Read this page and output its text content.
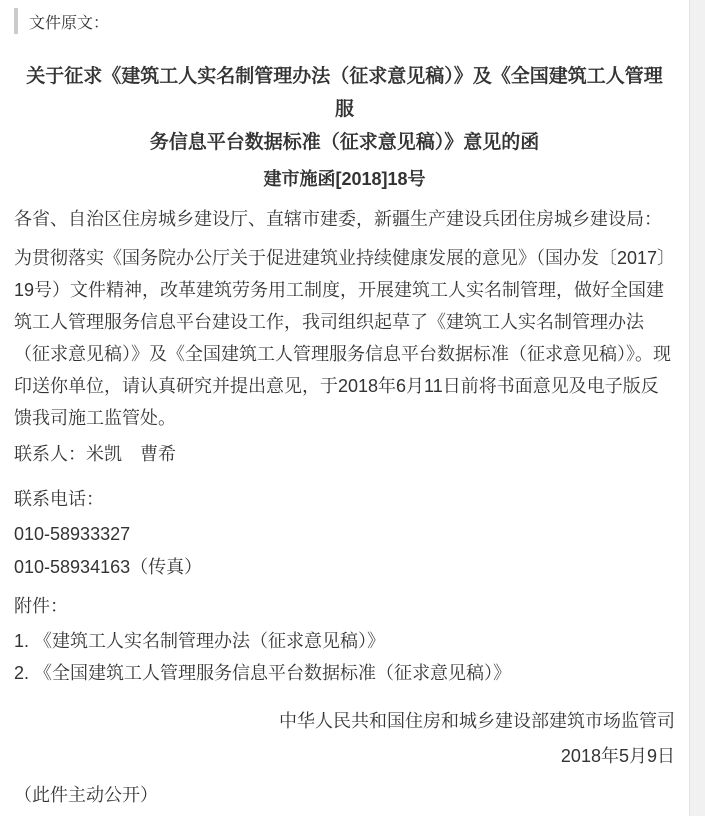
文件原文：
关于征求《建筑工人实名制管理办法（征求意见稿）》及《全国建筑工人管理服
务信息平台数据标准（征求意见稿）》意见的函
建市施函[2018]18号

各省、自治区住房城乡建设厅、直辖市建委，新疆生产建设兵团住房城乡建设局：

为贯彻落实《国务院办公厅关于促进建筑业持续健康发展的意见》（国办发〔2017〕19号）文件精神，改革建筑劳务用工制度，开展建筑工人实名制管理，做好全国建筑工人管理服务信息平台建设工作，我司组织起草了《建筑工人实名制管理办法（征求意见稿）》及《全国建筑工人管理服务信息平台数据标准（征求意见稿）》。现印送你单位，请认真研究并提出意见，于2018年6月11日前将书面意见及电子版反馈我司施工监管处。

联系人：米凯　曹希

联系电话：

010-58933327

010-58934163（传真）

附件：

1. 《建筑工人实名制管理办法（征求意见稿）》

2. 《全国建筑工人管理服务信息平台数据标准（征求意见稿）》

中华人民共和国住房和城乡建设部建筑市场监管司

2018年5月9日

（此件主动公开）
